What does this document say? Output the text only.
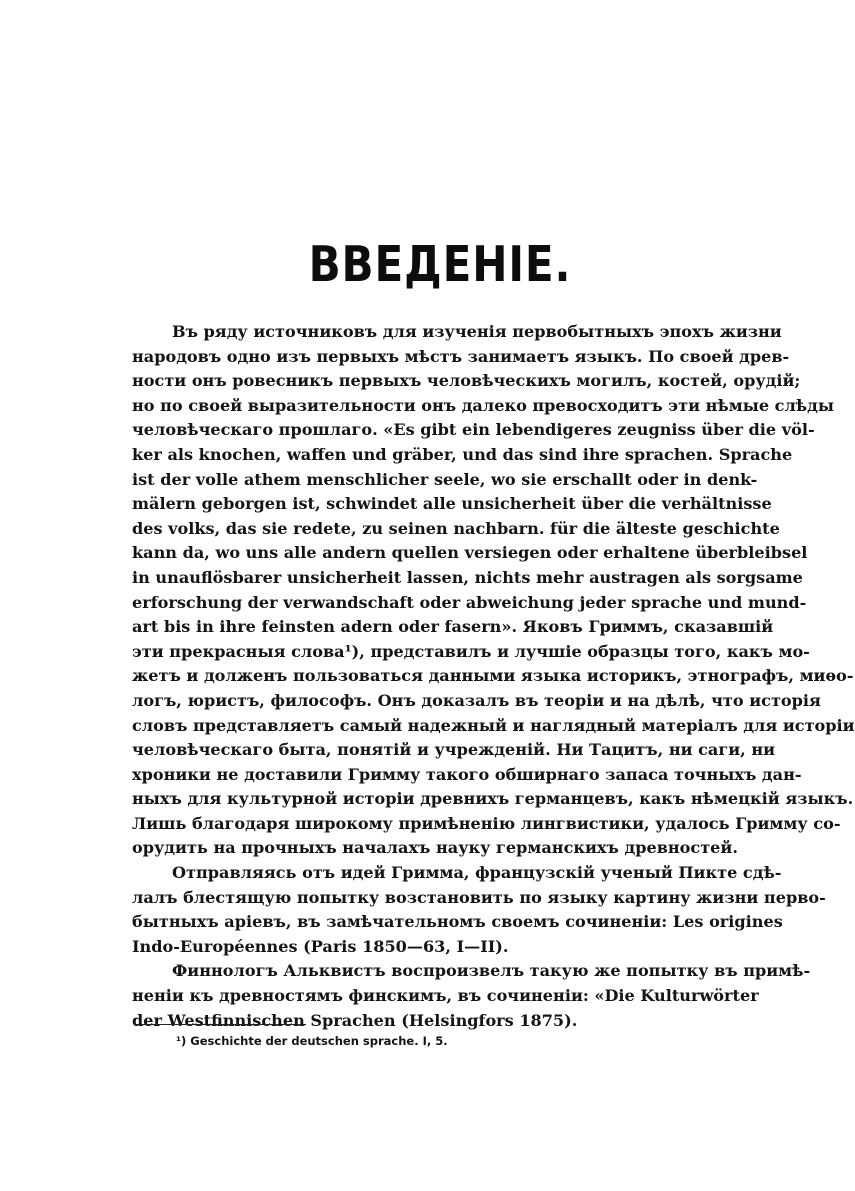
ВВЕДЕНІЕ.
Въ ряду источниковъ для изученія первобытныхъ эпохъ жизни
народовъ одно изъ первыхъ мѣстъ занимаетъ языкъ. По своей древ-
ности онъ ровесникъ первыхъ человѣческихъ могилъ, костей, орудій;
но по своей выразительности онъ далеко превосходитъ эти нѣмые слѣды
человѣческаго прошлаго. «Es gibt ein lebendigeres zeugniss über die völ-
ker als knochen, waffen und gräber, und das sind ihre sprachen. Sprache
ist der volle athem menschlicher seele, wo sie erschallt oder in denk-
mälern geborgen ist, schwindet alle unsicherheit über die verhältnisse
des volks, das sie redete, zu seinen nachbarn. für die älteste geschichte
kann da, wo uns alle andern quellen versiegen oder erhaltene überbleibsel
in unauflösbarer unsicherheit lassen, nichts mehr austragen als sorgsame
erforschung der verwandschaft oder abweichung jeder sprache und mund-
art bis in ihre feinsten adern oder fasern». Яковъ Гриммъ, сказавшій
эти прекрасныя слова¹), представилъ и лучшіе образцы того, какъ мо-
жетъ и долженъ пользоваться данными языка историкъ, этнографъ, миѳо-
логъ, юристъ, философъ. Онъ доказалъ въ теоріи и на дѣлѣ, что исторія
словъ представляетъ самый надежный и наглядный матеріалъ для исторіи
человѣческаго быта, понятій и учрежденій. Ни Тацитъ, ни саги, ни
хроники не доставили Гримму такого обширнаго запаса точныхъ дан-
ныхъ для культурной исторіи древнихъ германцевъ, какъ нѣмецкій языкъ.
Лишь благодаря широкому примѣненію лингвистики, удалось Гримму со-
орудить на прочныхъ началахъ науку германскихъ древностей.
Отправляясь отъ идей Гримма, французскій ученый Пикте сдѣ-
лалъ блестящую попытку возстановить по языку картину жизни перво-
бытныхъ аріевъ, въ замѣчательномъ своемъ сочиненіи: Les origines
Indo-Européennes (Paris 1850—63, I—II).
Финнологъ Альквистъ воспроизвелъ такую же попытку въ примѣ-
неніи къ древностямъ финскимъ, въ сочиненіи: «Die Kulturwörter
der Westfinnischen Sprachen (Helsingfors 1875).
¹) Geschichte der deutschen sprache. I, 5.
